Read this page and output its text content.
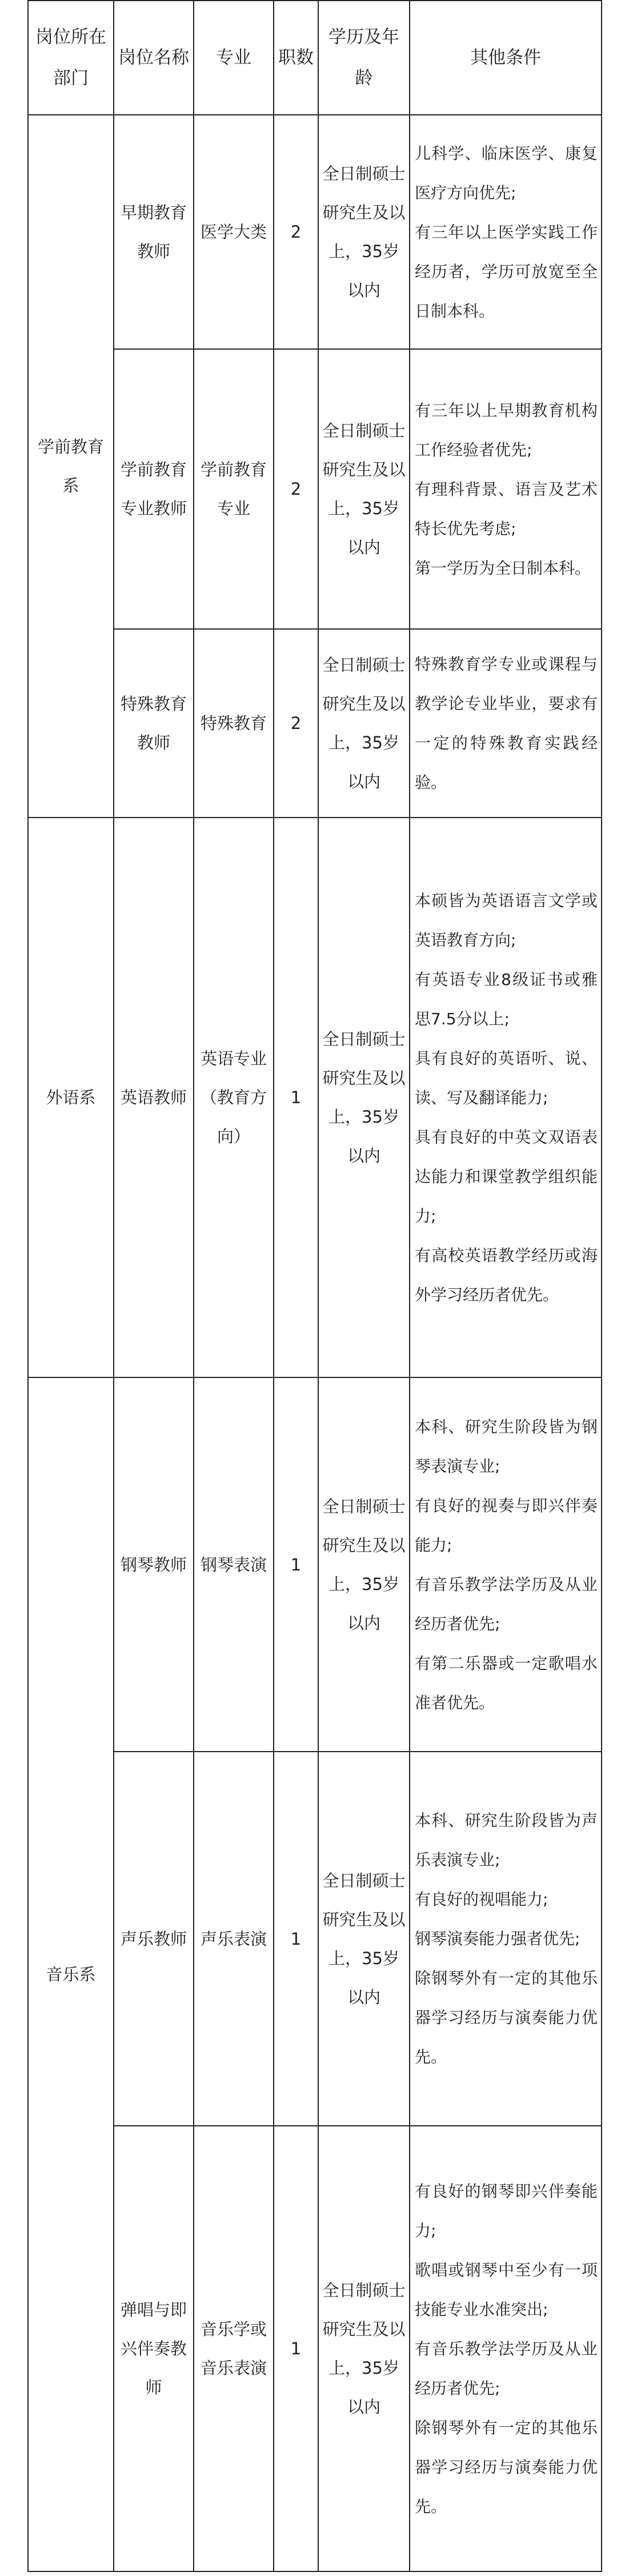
岗位所在部门	岗位名称	专业	职数	学历及年龄	其他条件
学前教育系	早期教育教师	医学大类	2	全日制硕士研究生及以上，35岁以内	儿科学、临床医学、康复医疗方向优先;
有三年以上医学实践工作经历者，学历可放宽至全日制本科。

	学前教育专业教师	学前教育专业	2	全日制硕士研究生及以上，35岁以内	有三年以上早期教育机构工作经验者优先;
有理科背景、语言及艺术特长优先考虑;
第一学历为全日制本科。

	特殊教育教师	特殊教育	2	全日制硕士研究生及以上，35岁以内	特殊教育学专业或课程与教学论专业毕业，要求有一定的特殊教育实践经验。

外语系	英语教师	英语专业（教育方向）	1	全日制硕士研究生及以上，35岁以内	本硕皆为英语语言文学或英语教育方向;
有英语专业8级证书或雅思7.5分以上;
具有良好的英语听、说、读、写及翻译能力;
具有良好的中英文双语表达能力和课堂教学组织能力;
有高校英语教学经历或海外学习经历者优先。

音乐系	钢琴教师	钢琴表演	1	全日制硕士研究生及以上，35岁以内	本科、研究生阶段皆为钢琴表演专业;
有良好的视奏与即兴伴奏能力;
有音乐教学法学历及从业经历者优先;
有第二乐器或一定歌唱水准者优先。

	声乐教师	声乐表演	1	全日制硕士研究生及以上，35岁以内	本科、研究生阶段皆为声乐表演专业;
有良好的视唱能力;
钢琴演奏能力强者优先;
除钢琴外有一定的其他乐器学习经历与演奏能力优先。

	弹唱与即兴伴奏教师	音乐学或音乐表演	1	全日制硕士研究生及以上，35岁以内	有良好的钢琴即兴伴奏能力;
歌唱或钢琴中至少有一项技能专业水准突出;
有音乐教学法学历及从业经历者优先;
除钢琴外有一定的其他乐器学习经历与演奏能力优先。
